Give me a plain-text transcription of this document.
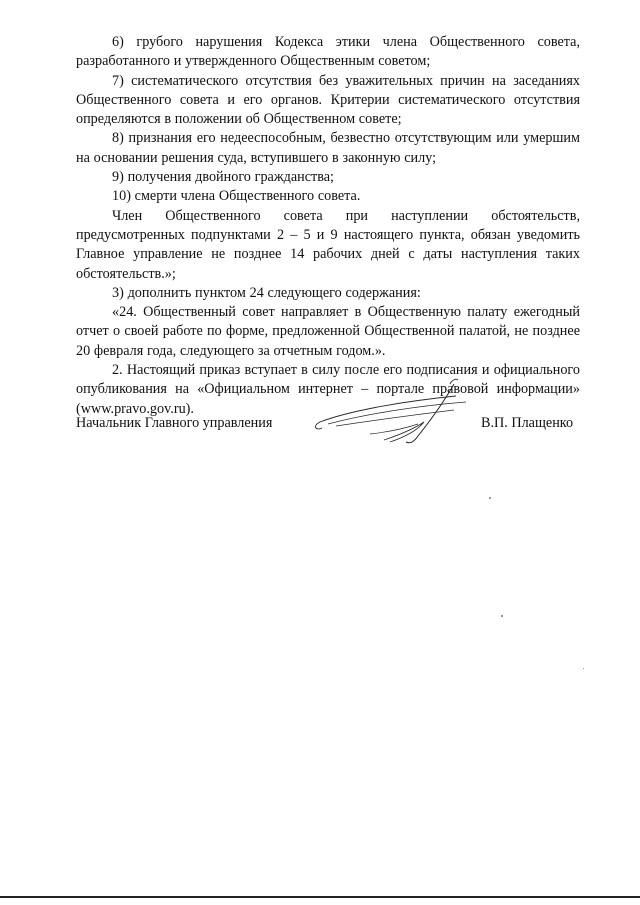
6) грубого нарушения Кодекса этики члена Общественного совета, разработанного и утвержденного Общественным советом;

7) систематического отсутствия без уважительных причин на заседаниях Общественного совета и его органов. Критерии систематического отсутствия определяются в положении об Общественном совете;

8) признания его недееспособным, безвестно отсутствующим или умершим на основании решения суда, вступившего в законную силу;

9) получения двойного гражданства;

10) смерти члена Общественного совета.

Член Общественного совета при наступлении обстоятельств, предусмотренных подпунктами 2 – 5 и 9 настоящего пункта, обязан уведомить Главное управление не позднее 14 рабочих дней с даты наступления таких обстоятельств.»;

3) дополнить пунктом 24 следующего содержания:

«24. Общественный совет направляет в Общественную палату ежегодный отчет о своей работе по форме, предложенной Общественной палатой, не позднее 20 февраля года, следующего за отчетным годом.».

2. Настоящий приказ вступает в силу после его подписания и официального опубликования на «Официальном интернет – портале правовой информации» (www.pravo.gov.ru).

Начальник Главного управления	В.П. Плащенко
